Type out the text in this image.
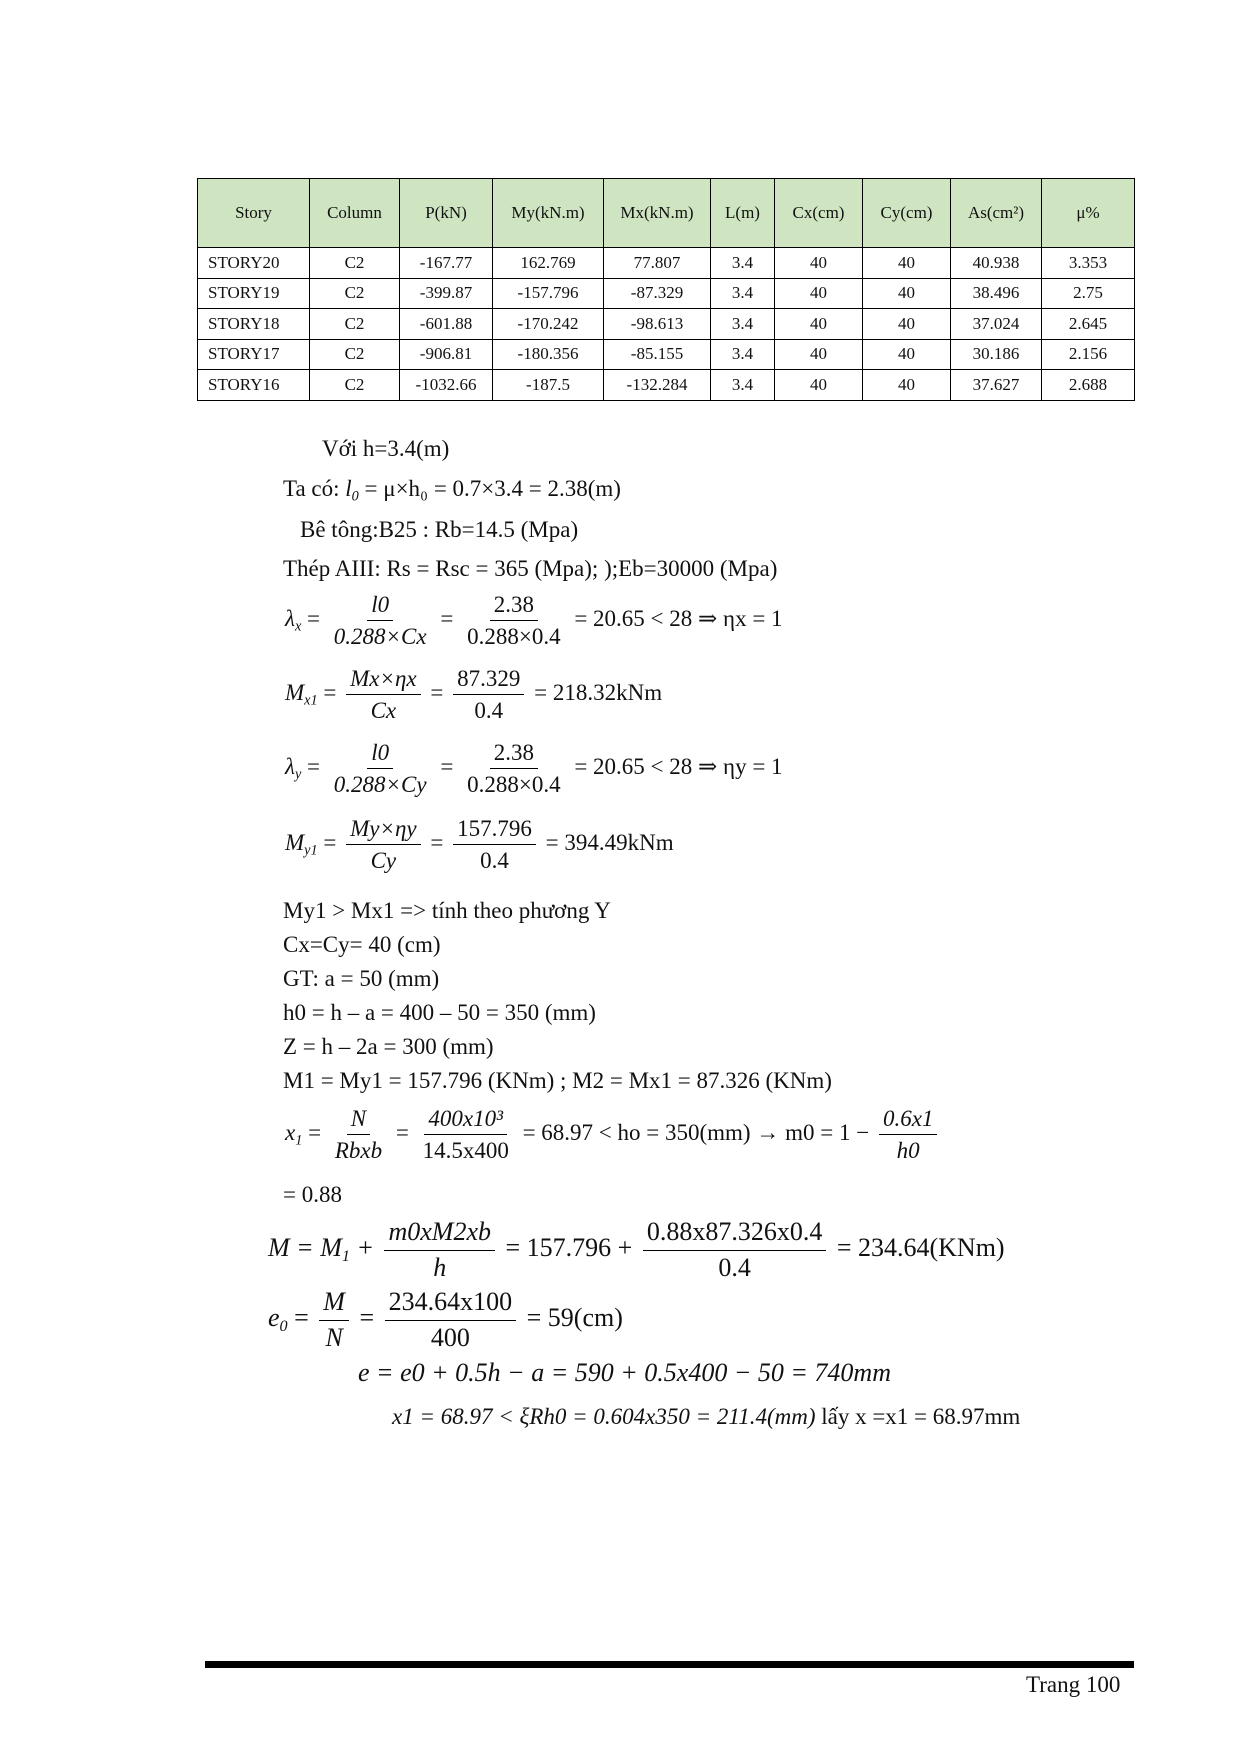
Story	Column	P(kN)	My(kN.m)	Mx(kN.m)	L(m)	Cx(cm)	Cy(cm)	As(cm²)	μ%
STORY20	C2	-167.77	162.769	77.807	3.4	40	40	40.938	3.353
STORY19	C2	-399.87	-157.796	-87.329	3.4	40	40	38.496	2.75
STORY18	C2	-601.88	-170.242	-98.613	3.4	40	40	37.024	2.645
STORY17	C2	-906.81	-180.356	-85.155	3.4	40	40	30.186	2.156
STORY16	C2	-1032.66	-187.5	-132.284	3.4	40	40	37.627	2.688
Với h=3.4(m)
Ta có: $l_0 = \mu\times h_0 = 0.7\times 3.4 = 2.38(m)$
Bê tông:B25 : Rb=14.5 (Mpa)
Thép AIII: Rs = Rsc = 365 (Mpa); );Eb=30000 (Mpa)
$\lambda_x = \frac{l0}{0.288\times Cx} = \frac{2.38}{0.288\times 0.4} = 20.65 < 28$ ⇒ ηx = 1
$M_{x1} = \frac{Mx\times\eta x}{Cx} = \frac{87.329}{0.4} = 218.32kNm$
$\lambda_y = \frac{l0}{0.288\times Cy} = \frac{2.38}{0.288\times 0.4} = 20.65 < 28$ ⇒ ηy = 1
$M_{y1} = \frac{My\times\eta y}{Cy} = \frac{157.796}{0.4} = 394.49kNm$
My1 > Mx1 => tính theo phương Y
Cx=Cy= 40 (cm)
GT: a = 50 (mm)
h0 = h – a = 400 – 50 = 350 (mm)
Z = h – 2a = 300 (mm)
M1 = My1 = 157.796 (KNm) ; M2 = Mx1 = 87.326 (KNm)
$x_1$ =
N
Rbxb
= $\frac{\text{400x10³}}{14.5x400} = 68.97$ < ho = $350(mm) \to m0 = 1 - \frac{0.6x1}{h0}$
= 0.88
$M = M_1 + \frac{m0xM2xb}{h} = 157.796 + \frac{0.88x87.326x0.4}{0.4} = 234.64(KNm)$
$e_0 = \frac{M}{N} = \frac{234.64x100}{400} = 59(cm)$
e = e0 + 0.5h − a = 590 + 0.5x400 − 50 = 740mm
x1 = 68.97 < ξRh0 = 0.604x350 = 211.4(mm) lấy x =x1 = 68.97mm
Trang 100
